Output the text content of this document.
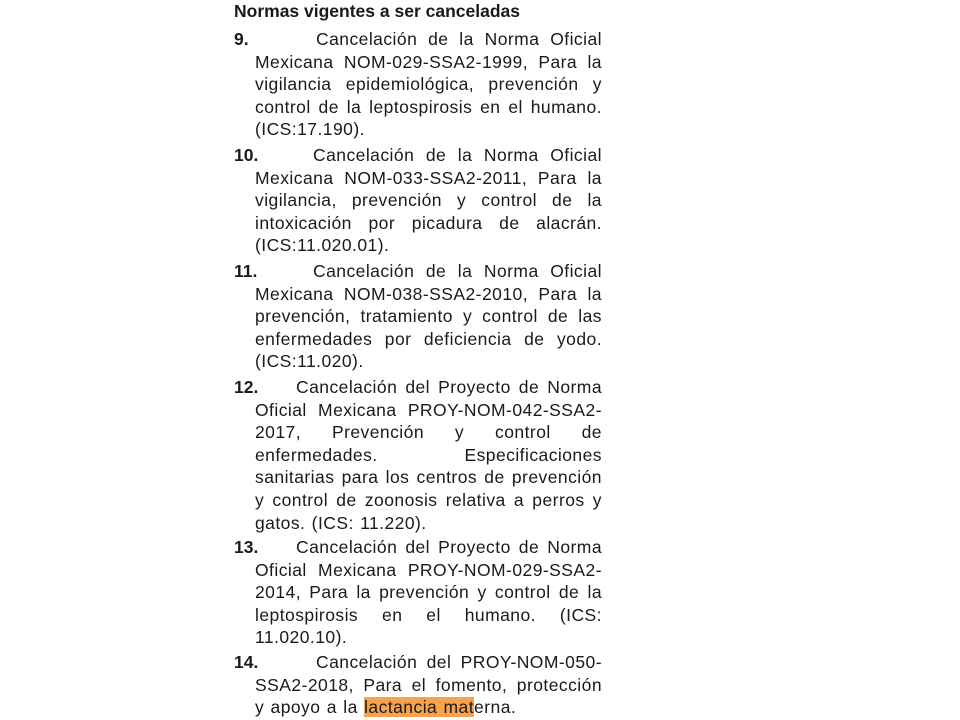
Normas vigentes a ser canceladas
9.	Cancelación de la Norma Oficial Mexicana NOM-029-SSA2-1999, Para la vigilancia epidemiológica, prevención y control de la leptospirosis en el humano. (ICS:17.190).
10.	Cancelación de la Norma Oficial Mexicana NOM-033-SSA2-2011, Para la vigilancia, prevención y control de la intoxicación por picadura de alacrán. (ICS:11.020.01).
11.	Cancelación de la Norma Oficial Mexicana NOM-038-SSA2-2010, Para la prevención, tratamiento y control de las enfermedades por deficiencia de yodo. (ICS:11.020).
12.	Cancelación del Proyecto de Norma Oficial Mexicana PROY-NOM-042-SSA2-2017, Prevención y control de enfermedades. Especificaciones sanitarias para los centros de prevención y control de zoonosis relativa a perros y gatos. (ICS: 11.220).
13.	Cancelación del Proyecto de Norma Oficial Mexicana PROY-NOM-029-SSA2-2014, Para la prevención y control de la leptospirosis en el humano. (ICS: 11.020.10).
14.	Cancelación del PROY-NOM-050-SSA2-2018, Para el fomento, protección y apoyo a la lactancia materna.
